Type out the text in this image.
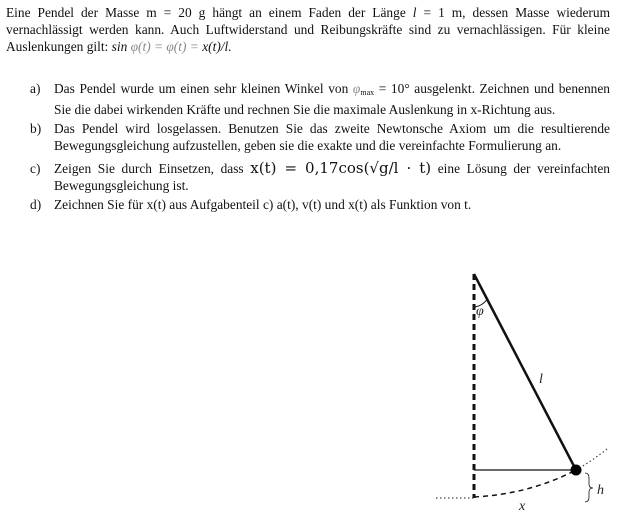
Eine Pendel der Masse m = 20 g hängt an einem Faden der Länge l = 1 m, dessen Masse wiederum vernachlässigt werden kann. Auch Luftwiderstand und Reibungskräfte sind zu vernachlässigen. Für kleine Auslenkungen gilt: sin φ(t) = φ(t) = x(t)/l.
a) Das Pendel wurde um einen sehr kleinen Winkel von $\varphi_{max} = 10^\circ$ ausgelenkt. Zeichnen und benennen Sie die dabei wirkenden Kräfte und rechnen Sie die maximale Auslenkung in x-Richtung aus.
b) Das Pendel wird losgelassen. Benutzen Sie das zweite Newtonsche Axiom um die resultierende Bewegungsgleichung aufzustellen, geben sie die exakte und die vereinfachte Formulierung an.
c) Zeigen Sie durch Einsetzen, dass x(t) = 0,17cos(√g/l · t) eine Lösung der vereinfachten Bewegungsgleichung ist.
d) Zeichnen Sie für x(t) aus Aufgabenteil c) a(t), v(t) und x(t) als Funktion von t.
φ
l
x
h
